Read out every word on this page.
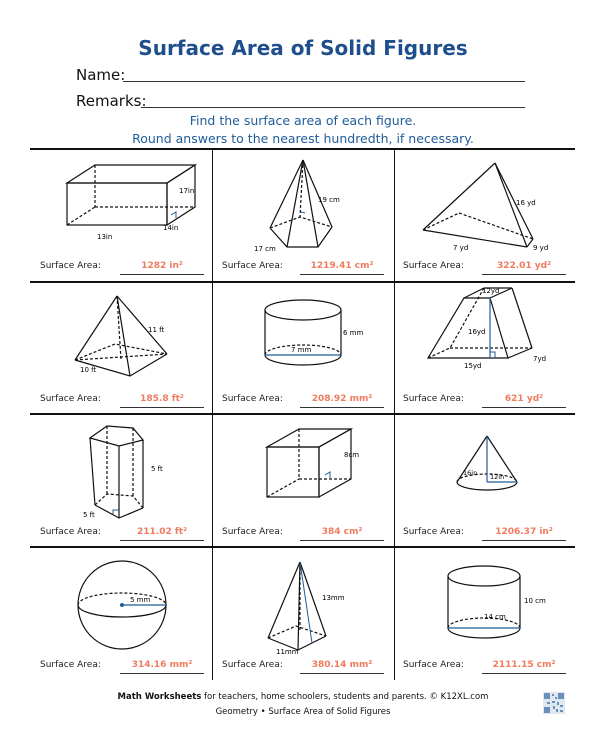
Surface Area of Solid Figures
Name:
Remarks:
Find the surface area of each figure.
Round answers to the nearest hundredth, if necessary.
17in
14in
13in
19 cm
17 cm
16 yd
7 yd	9 yd
Surface Area:	1282 in²	Surface Area:	1219.41 cm²	Surface Area:	322.01 yd²
11 ft
10 ft
7 mm
6 mm
12yd
16yd
15yd
7yd
Surface Area:	185.8 ft²	Surface Area:	208.92 mm²	Surface Area:	621 yd²
5 ft
5 ft
8cm
16in 12in
Surface Area:	211.02 ft²	Surface Area:	384 cm²	Surface Area:	1206.37 in²
5 mm	13mm
11mm
14 cm
10 cm
Surface Area:	314.16 mm²	Surface Area:	380.14 mm²	Surface Area:	2111.15 cm²
Math Worksheets for teachers, home schoolers, students and parents. © K12XL.com
Geometry • Surface Area of Solid Figures
